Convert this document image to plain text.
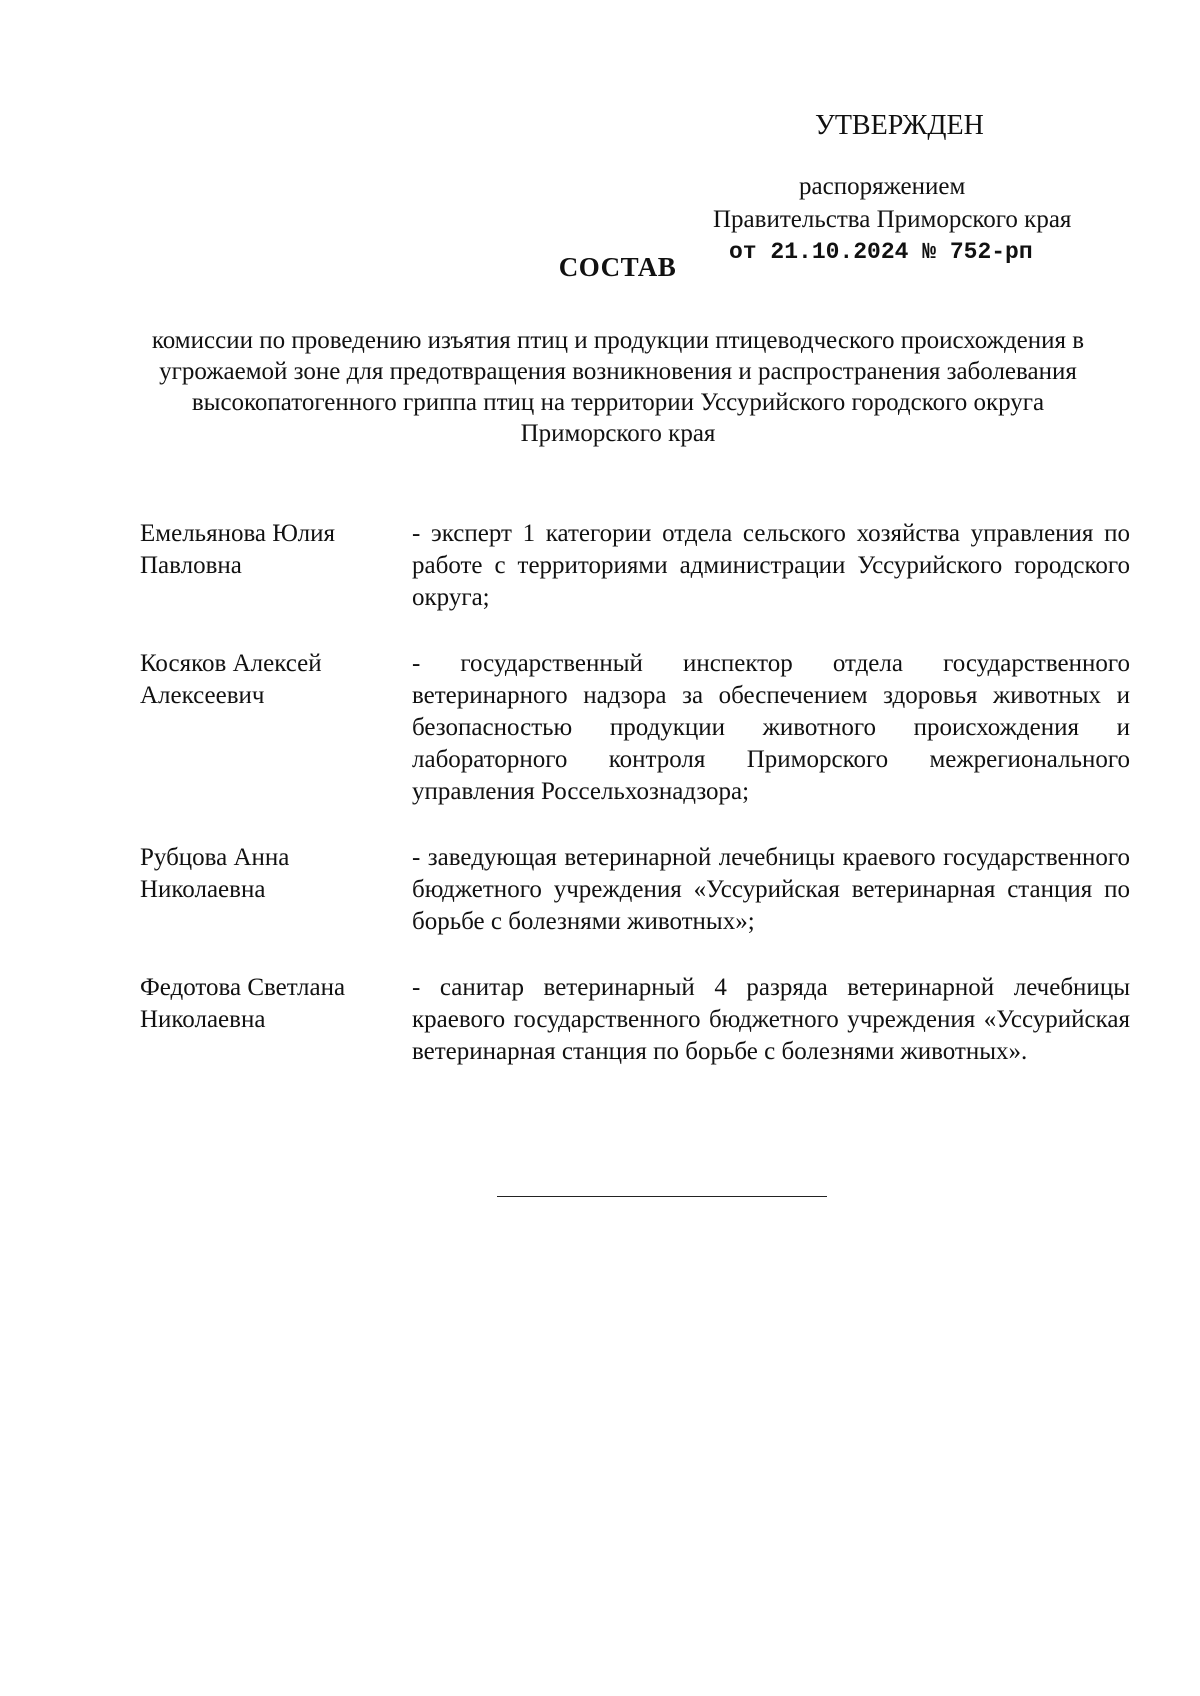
УТВЕРЖДЕН
распоряжением
Правительства Приморского края
от 21.10.2024 № 752-рп
СОСТАВ
комиссии по проведению изъятия птиц и продукции птицеводческого происхождения в угрожаемой зоне для предотвращения возникновения и распространения заболевания высокопатогенного гриппа птиц на территории Уссурийского городского округа Приморского края
Емельянова Юлия
Павловна
- эксперт 1 категории отдела сельского хозяйства управления по работе с территориями администрации Уссурийского городского округа;
Косяков Алексей
Алексеевич
- государственный инспектор отдела государственного ветеринарного надзора за обеспечением здоровья животных и безопасностью продукции животного происхождения и лабораторного контроля Приморского межрегионального управления Россельхознадзора;
Рубцова Анна
Николаевна
- заведующая ветеринарной лечебницы краевого государственного бюджетного учреждения «Уссурийская ветеринарная станция по борьбе с болезнями животных»;
Федотова Светлана
Николаевна
- санитар ветеринарный 4 разряда ветеринарной лечебницы краевого государственного бюджетного учреждения «Уссурийская ветеринарная станция по борьбе с болезнями животных».
